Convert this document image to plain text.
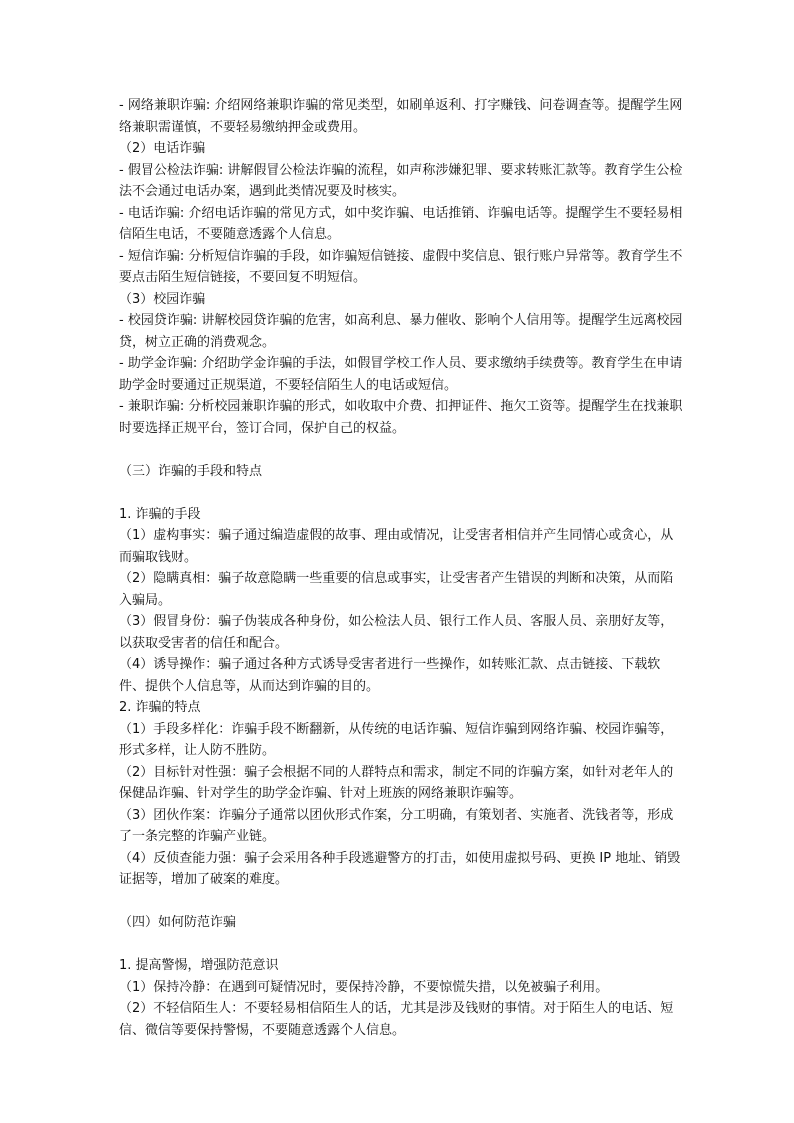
- 网络兼职诈骗: 介绍网络兼职诈骗的常见类型，如刷单返利、打字赚钱、问卷调查等。提醒学生网络兼职需谨慎，不要轻易缴纳押金或费用。

（2）电话诈骗

- 假冒公检法诈骗: 讲解假冒公检法诈骗的流程，如声称涉嫌犯罪、要求转账汇款等。教育学生公检法不会通过电话办案，遇到此类情况要及时核实。

- 电话诈骗: 介绍电话诈骗的常见方式，如中奖诈骗、电话推销、诈骗电话等。提醒学生不要轻易相信陌生电话，不要随意透露个人信息。

- 短信诈骗: 分析短信诈骗的手段，如诈骗短信链接、虚假中奖信息、银行账户异常等。教育学生不要点击陌生短信链接，不要回复不明短信。

（3）校园诈骗

- 校园贷诈骗: 讲解校园贷诈骗的危害，如高利息、暴力催收、影响个人信用等。提醒学生远离校园贷，树立正确的消费观念。

- 助学金诈骗: 介绍助学金诈骗的手法，如假冒学校工作人员、要求缴纳手续费等。教育学生在申请助学金时要通过正规渠道，不要轻信陌生人的电话或短信。

- 兼职诈骗: 分析校园兼职诈骗的形式，如收取中介费、扣押证件、拖欠工资等。提醒学生在找兼职时要选择正规平台，签订合同，保护自己的权益。

（三）诈骗的手段和特点

1. 诈骗的手段

（1）虚构事实：骗子通过编造虚假的故事、理由或情况，让受害者相信并产生同情心或贪心，从而骗取钱财。

（2）隐瞒真相：骗子故意隐瞒一些重要的信息或事实，让受害者产生错误的判断和决策，从而陷入骗局。

（3）假冒身份：骗子伪装成各种身份，如公检法人员、银行工作人员、客服人员、亲朋好友等，以获取受害者的信任和配合。

（4）诱导操作：骗子通过各种方式诱导受害者进行一些操作，如转账汇款、点击链接、下载软件、提供个人信息等，从而达到诈骗的目的。

2. 诈骗的特点

（1）手段多样化：诈骗手段不断翻新，从传统的电话诈骗、短信诈骗到网络诈骗、校园诈骗等，形式多样，让人防不胜防。

（2）目标针对性强：骗子会根据不同的人群特点和需求，制定不同的诈骗方案，如针对老年人的保健品诈骗、针对学生的助学金诈骗、针对上班族的网络兼职诈骗等。

（3）团伙作案：诈骗分子通常以团伙形式作案，分工明确，有策划者、实施者、洗钱者等，形成了一条完整的诈骗产业链。

（4）反侦查能力强：骗子会采用各种手段逃避警方的打击，如使用虚拟号码、更换 IP 地址、销毁证据等，增加了破案的难度。

（四）如何防范诈骗

1. 提高警惕，增强防范意识

（1）保持冷静：在遇到可疑情况时，要保持冷静，不要惊慌失措，以免被骗子利用。

（2）不轻信陌生人：不要轻易相信陌生人的话，尤其是涉及钱财的事情。对于陌生人的电话、短信、微信等要保持警惕，不要随意透露个人信息。
